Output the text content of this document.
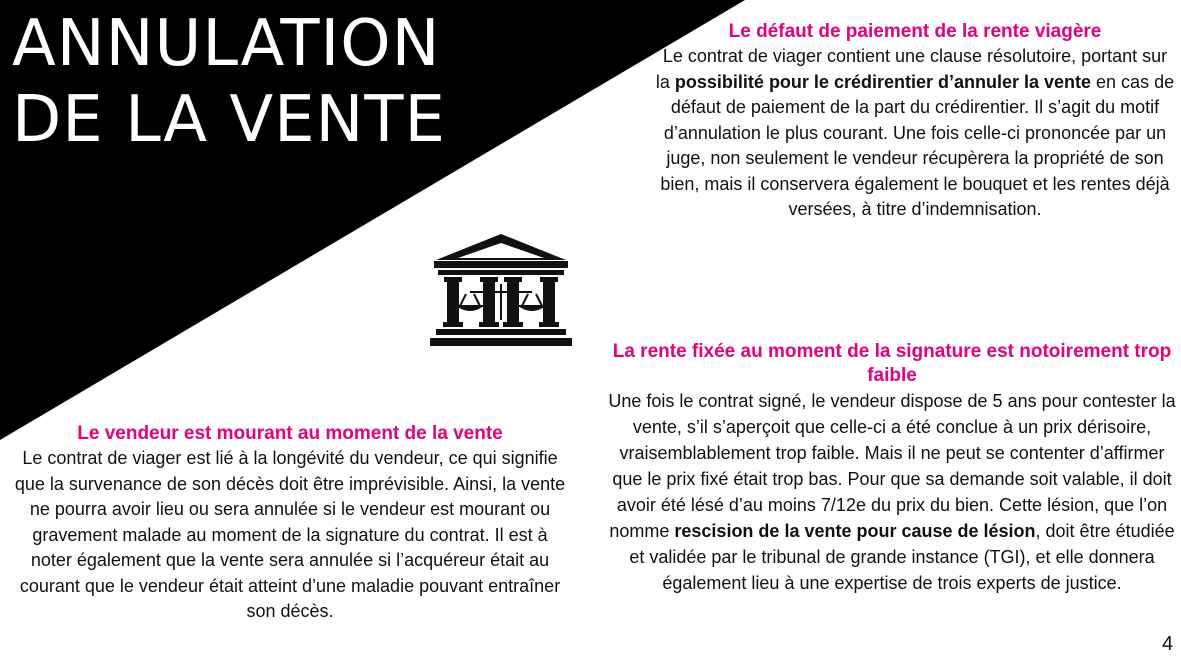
ANNULATION
DE LA VENTE
Le défaut de paiement de la rente viagère

Le contrat de viager contient une clause résolutoire, portant sur la possibilité pour le crédirentier d’annuler la vente en cas de défaut de paiement de la part du crédirentier. Il s’agit du motif d’annulation le plus courant. Une fois celle-ci prononcée par un juge, non seulement le vendeur récupèrera la propriété de son bien, mais il conservera également le bouquet et les rentes déjà versées, à titre d’indemnisation.

La rente fixée au moment de la signature est notoirement trop faible

Une fois le contrat signé, le vendeur dispose de 5 ans pour contester la vente, s’il s’aperçoit que celle-ci a été conclue à un prix dérisoire, vraisemblablement trop faible. Mais il ne peut se contenter d’affirmer que le prix fixé était trop bas. Pour que sa demande soit valable, il doit avoir été lésé d’au moins 7/12e du prix du bien. Cette lésion, que l’on nomme rescision de la vente pour cause de lésion, doit être étudiée et validée par le tribunal de grande instance (TGI), et elle donnera également lieu à une expertise de trois experts de justice.

Le vendeur est mourant au moment de la vente

Le contrat de viager est lié à la longévité du vendeur, ce qui signifie que la survenance de son décès doit être imprévisible. Ainsi, la vente ne pourra avoir lieu ou sera annulée si le vendeur est mourant ou gravement malade au moment de la signature du contrat. Il est à noter également que la vente sera annulée si l’acquéreur était au courant que le vendeur était atteint d’une maladie pouvant entraîner son décès.

4
